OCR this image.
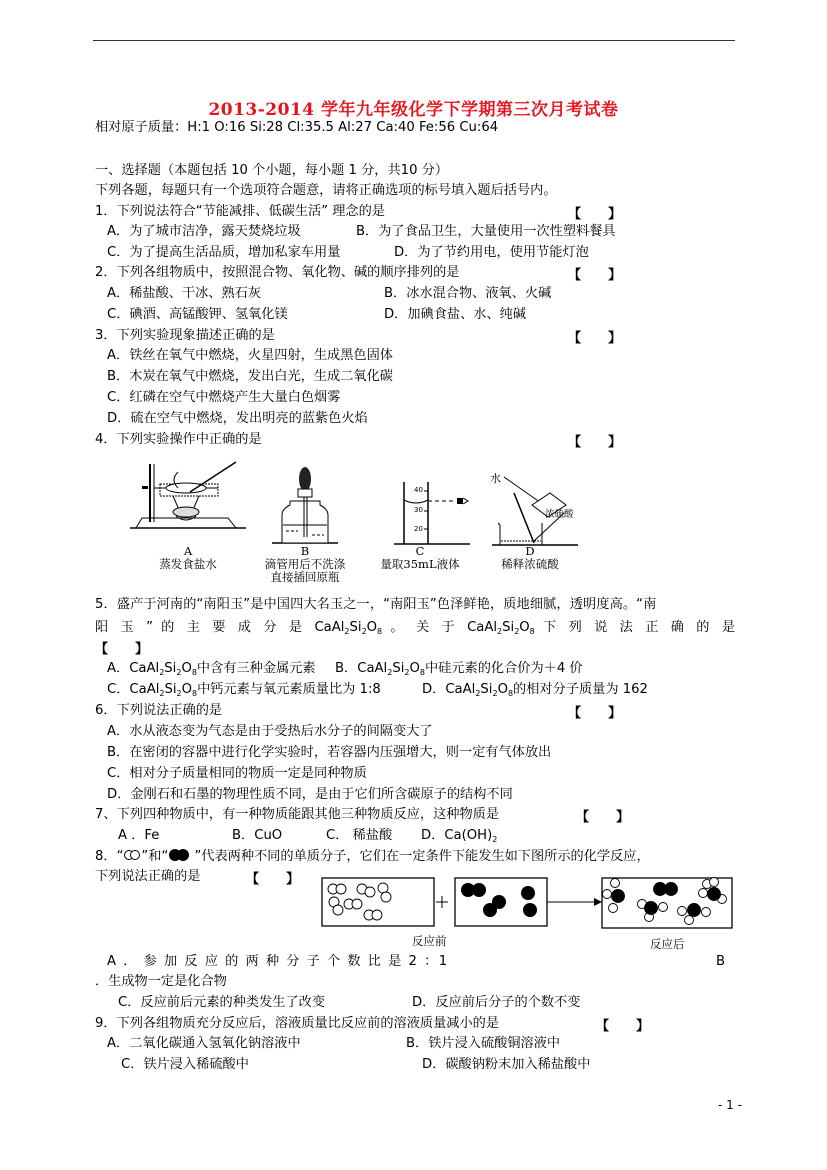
2013-2014 学年九年级化学下学期第三次月考试卷
相对原子质量：H:1 O:16 Si:28 Cl:35.5 Al:27 Ca:40 Fe:56 Cu:64
一、选择题（本题包括 10 个小题，每小题 1 分，共10 分）
下列各题，每题只有一个选项符合题意，请将正确选项的标号填入题后括号内。
1．下列说法符合“节能减排、低碳生活” 理念的是	【      】
A．为了城市洁净，露天焚烧垃圾	B．为了食品卫生，大量使用一次性塑料餐具
C．为了提高生活品质，增加私家车用量	D．为了节约用电，使用节能灯泡
2．下列各组物质中，按照混合物、氧化物、碱的顺序排列的是	【      】
A．稀盐酸、干冰、熟石灰	B．冰水混合物、液氧、火碱
C．碘酒、高锰酸钾、氢氧化镁	D．加碘食盐、水、纯碱
3．下列实验现象描述正确的是	【      】
A．铁丝在氧气中燃烧，火星四射，生成黑色固体
B．木炭在氧气中燃烧，发出白光，生成二氧化碳
C．红磷在空气中燃烧产生大量白色烟雾
D．硫在空气中燃烧，发出明亮的蓝紫色火焰
4．下列实验操作中正确的是	【      】
A
蒸发食盐水
B
滴管用后不洗涤
直接插回原瓶
40
30
20
C
量取35mL液体
水
浓硫酸
D
稀释浓硫酸
5．盛产于河南的“南阳玉”是中国四大名玉之一，“南阳玉”色泽鲜艳，质地细腻，透明度高。“南
阳 玉 ” 的 主 要 成 分 是 $CaAl_2Si_2O_8$ 。 关 于 $CaAl_2Si_2O_8$ 下 列 说 法 正 确 的 是
【      】
A．$CaAl_2Si_2O_8$中含有三种金属元素 B．$CaAl_2Si_2O_8$中硅元素的化合价为＋4 价
C．$CaAl_2Si_2O_8$中钙元素与氧元素质量比为 1:8	D．$CaAl_2Si_2O_8$的相对分子质量为 162
6．下列说法正确的是	【      】
A．水从液态变为气态是由于受热后水分子的间隔变大了
B．在密闭的容器中进行化学实验时，若容器内压强增大，则一定有气体放出
C．相对分子质量相同的物质一定是同种物质
D．金刚石和石墨的物理性质不同，是由于它们所含碳原子的结构不同
7、下列四种物质中，有一种物质能跟其他三种物质反应，这种物质是	【      】
A ．Fe	B．CuO	C． 稀盐酸 D．$Ca(OH)_2$
8．“ ”和“ ”代表两种不同的单质分子，它们在一定条件下能发生如下图所示的化学反应，
下列说法正确的是	【      】
反应前	反应后
A ． 参 加 反 应 的 两 种 分 子 个 数 比 是 2 ：1	B
．生成物一定是化合物
C．反应前后元素的种类发生了改变	D．反应前后分子的个数不变
9．下列各组物质充分反应后，溶液质量比反应前的溶液质量减小的是	【      】
A．二氧化碳通入氢氧化钠溶液中	B．铁片浸入硫酸铜溶液中
C．铁片浸入稀硫酸中	D．碳酸钠粉末加入稀盐酸中
- 1 -
